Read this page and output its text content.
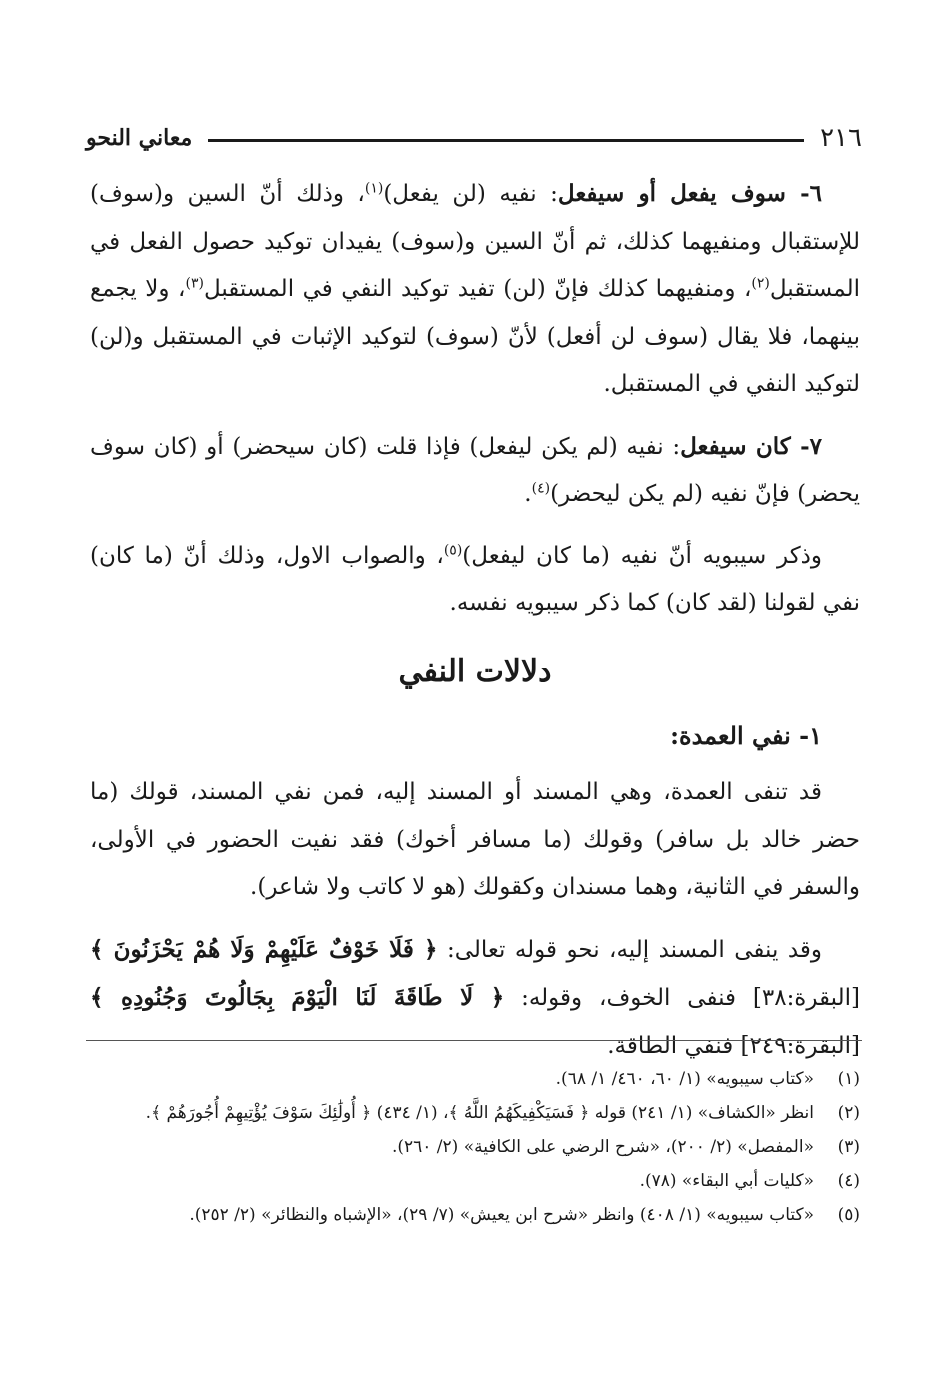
٢١٦
معاني النحو

٦- سوف يفعل أو سيفعل: نفيه (لن يفعل)$^{(١)}$، وذلك أنّ السين و(سوف) للإستقبال ومنفيهما كذلك، ثم أنّ السين و(سوف) يفيدان توكيد حصول الفعل في المستقبل$^{(٢)}$، ومنفيهما كذلك فإنّ (لن) تفيد توكيد النفي في المستقبل$^{(٣)}$، ولا يجمع بينهما، فلا يقال (سوف لن أفعل) لأنّ (سوف) لتوكيد الإثبات في المستقبل و(لن) لتوكيد النفي في المستقبل.

٧- كان سيفعل: نفيه (لم يكن ليفعل) فإذا قلت (كان سيحضر) أو (كان سوف يحضر) فإنّ نفيه (لم يكن ليحضر)$^{(٤)}$.

وذكر سيبويه أنّ نفيه (ما كان ليفعل)$^{(٥)}$، والصواب الاول، وذلك أنّ (ما كان) نفي لقولنا (لقد كان) كما ذكر سيبويه نفسه.

دلالات النفي
١- نفي العمدة:

قد تنفى العمدة، وهي المسند أو المسند إليه، فمن نفي المسند، قولك (ما حضر خالد بل سافر) وقولك (ما مسافر أخوك) فقد نفيت الحضور في الأولى، والسفر في الثانية، وهما مسندان وكقولك (هو لا كاتب ولا شاعر).

وقد ينفى المسند إليه، نحو قوله تعالى: ﴿ فَلَا خَوْفٌ عَلَيْهِمْ وَلَا هُمْ يَحْزَنُونَ ﴾ [البقرة:٣٨] فنفى الخوف، وقوله: ﴿ لَا طَاقَةَ لَنَا الْيَوْمَ بِجَالُوتَ وَجُنُودِهِ ﴾ [البقرة:٢٤٩] فنفي الطاقة.

(١)
«كتاب سيبويه» (١/ ٦٠، ٤٦٠/ ١/ ٦٨).
(٢)
انظر «الكشاف» (١/ ٢٤١) قوله ﴿ فَسَيَكْفِيكَهُمُ اللَّهُ ﴾، (١/ ٤٣٤) ﴿ أُولَٰئِكَ سَوْفَ يُؤْتِيهِمْ أُجُورَهُمْ ﴾.
(٣)
«المفصل» (٢/ ٢٠٠)، «شرح الرضي على الكافية» (٢/ ٢٦٠).
(٤)
«كليات أبي البقاء» (٧٨).
(٥)
«كتاب سيبويه» (١/ ٤٠٨) وانظر «شرح ابن يعيش» (٧/ ٢٩)، «الإشباه والنظائر» (٢/ ٢٥٢).
